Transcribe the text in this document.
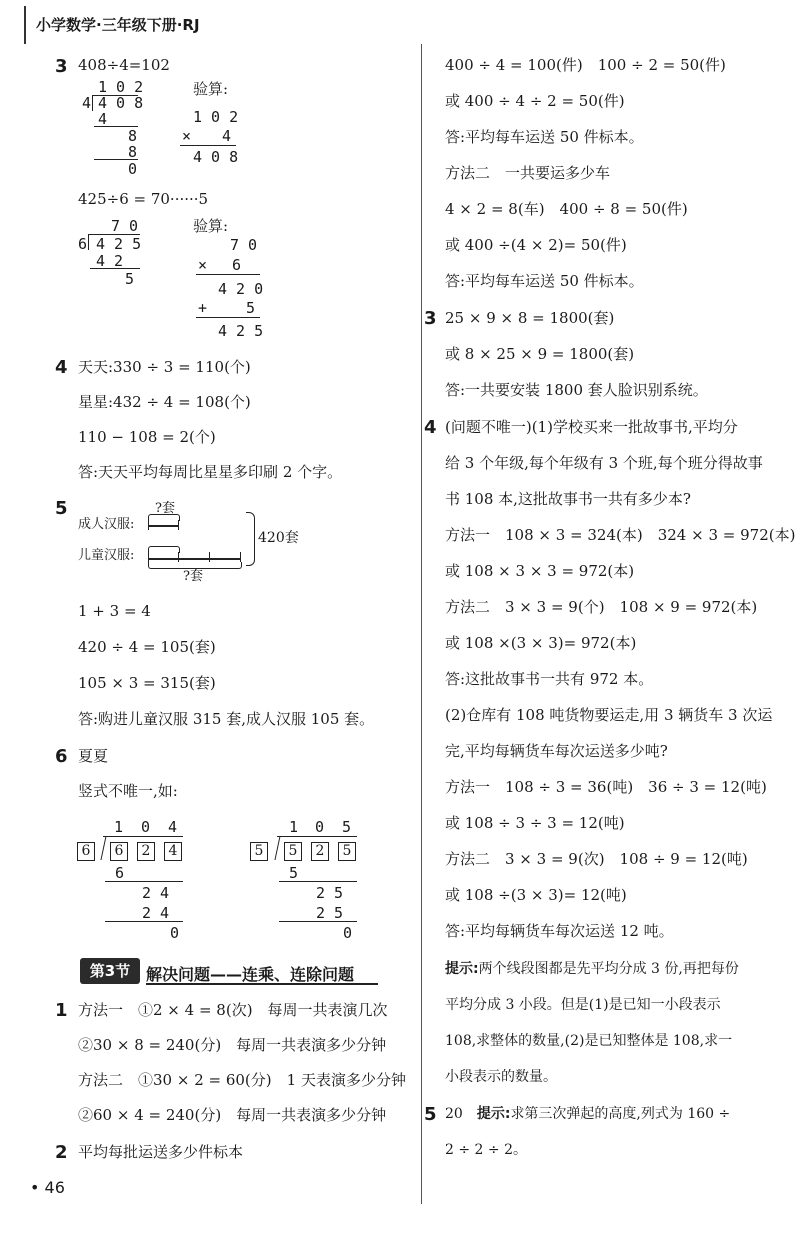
小学数学·三年级下册·RJ
3 408÷4=102
1 0 2
4 4 0 8
4
8
8
0
验算:
1 0 2
× 4
4 0 8
425÷6 = 70······5
7 0
6 4 2 5
4 2
5
验算:
7 0
× 6
4 2 0
+	5
4 2 5
4 天天:330 ÷ 3 = 110(个)
星星:432 ÷ 4 = 108(个)
110 − 108 = 2(个)
答:天天平均每周比星星多印刷 2 个字。
5	?套
成人汉服:
儿童汉服:
?套
420套
1 + 3 = 4
420 ÷ 4 = 105(套)
105 × 3 = 315(套)
答:购进儿童汉服 315 套,成人汉服 105 套。
6 夏夏
竖式不唯一,如:
1 0 4
6	6	2	4
6
2 4
2 4
0
1 0 5
5	5	2	5
5
2 5
2 5
0
第3节 解决问题——连乘、连除问题
1 方法一　①2 × 4 = 8(次)　每周一共表演几次
②30 × 8 = 240(分)　每周一共表演多少分钟
方法二　①30 × 2 = 60(分)　1 天表演多少分钟
②60 × 4 = 240(分)　每周一共表演多少分钟
2 平均每批运送多少件标本
• 46
400 ÷ 4 = 100(件)　100 ÷ 2 = 50(件)
或 400 ÷ 4 ÷ 2 = 50(件)
答:平均每车运送 50 件标本。
方法二　一共要运多少车
4 × 2 = 8(车)　400 ÷ 8 = 50(件)
或 400 ÷(4 × 2)= 50(件)
答:平均每车运送 50 件标本。
3 25 × 9 × 8 = 1800(套)
或 8 × 25 × 9 = 1800(套)
答:一共要安装 1800 套人脸识别系统。
4 (问题不唯一)(1)学校买来一批故事书,平均分
给 3 个年级,每个年级有 3 个班,每个班分得故事
书 108 本,这批故事书一共有多少本?
方法一　108 × 3 = 324(本)　324 × 3 = 972(本)
或 108 × 3 × 3 = 972(本)
方法二　3 × 3 = 9(个)　108 × 9 = 972(本)
或 108 ×(3 × 3)= 972(本)
答:这批故事书一共有 972 本。
(2)仓库有 108 吨货物要运走,用 3 辆货车 3 次运
完,平均每辆货车每次运送多少吨?
方法一　108 ÷ 3 = 36(吨)　36 ÷ 3 = 12(吨)
或 108 ÷ 3 ÷ 3 = 12(吨)
方法二　3 × 3 = 9(次)　108 ÷ 9 = 12(吨)
或 108 ÷(3 × 3)= 12(吨)
答:平均每辆货车每次运送 12 吨。
提示:两个线段图都是先平均分成 3 份,再把每份
平均分成 3 小段。但是(1)是已知一小段表示
108,求整体的数量,(2)是已知整体是 108,求一
小段表示的数量。
5 20　 提示:求第三次弹起的高度,列式为 160 ÷
2 ÷ 2 ÷ 2。
